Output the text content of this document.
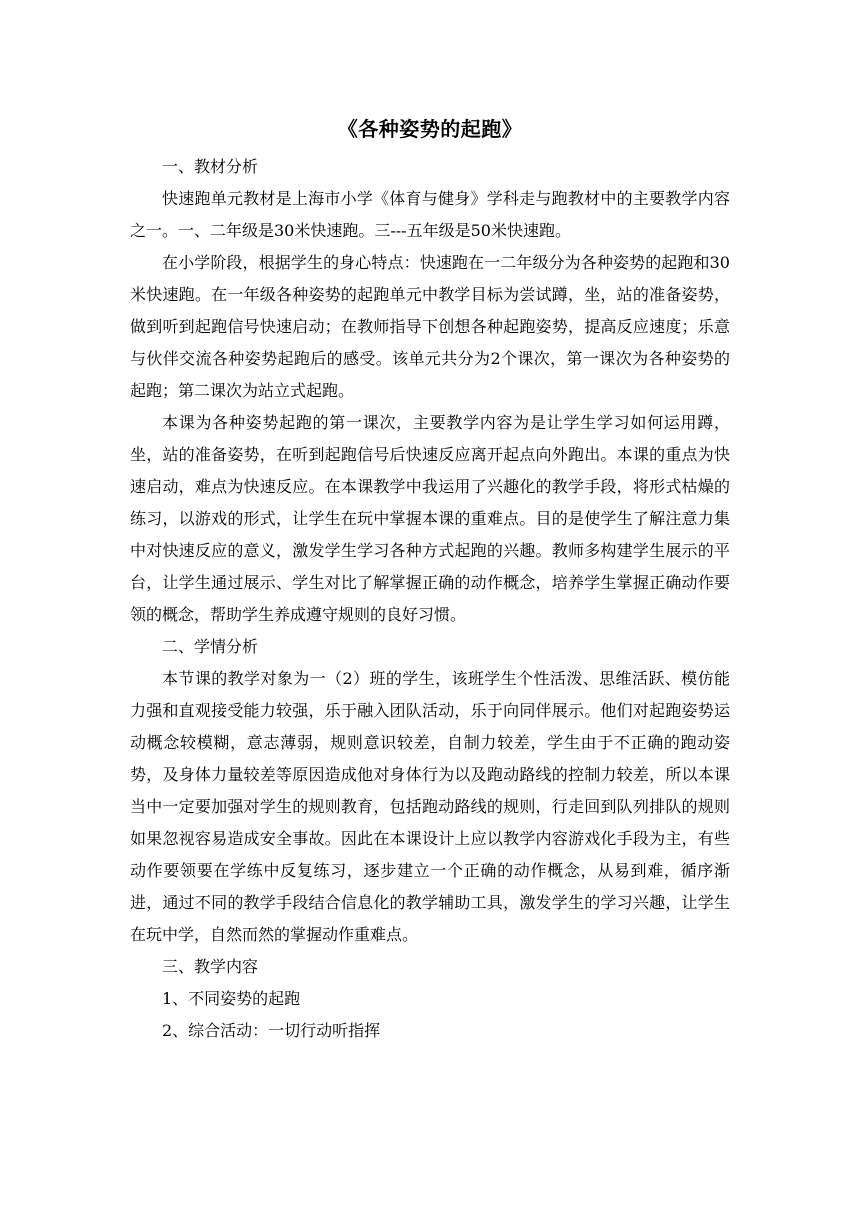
《各种姿势的起跑》

一、教材分析

快速跑单元教材是上海市小学《体育与健身》学科走与跑教材中的主要教学内容之一。一、二年级是30米快速跑。三---五年级是50米快速跑。

在小学阶段，根据学生的身心特点：快速跑在一二年级分为各种姿势的起跑和30米快速跑。在一年级各种姿势的起跑单元中教学目标为尝试蹲，坐，站的准备姿势，做到听到起跑信号快速启动；在教师指导下创想各种起跑姿势，提高反应速度；乐意与伙伴交流各种姿势起跑后的感受。该单元共分为2个课次，第一课次为各种姿势的起跑；第二课次为站立式起跑。

本课为各种姿势起跑的第一课次，主要教学内容为是让学生学习如何运用蹲，坐，站的准备姿势，在听到起跑信号后快速反应离开起点向外跑出。本课的重点为快速启动，难点为快速反应。在本课教学中我运用了兴趣化的教学手段，将形式枯燥的练习，以游戏的形式，让学生在玩中掌握本课的重难点。目的是使学生了解注意力集中对快速反应的意义，激发学生学习各种方式起跑的兴趣。教师多构建学生展示的平台，让学生通过展示、学生对比了解掌握正确的动作概念，培养学生掌握正确动作要领的概念，帮助学生养成遵守规则的良好习惯。

二、学情分析

本节课的教学对象为一（2）班的学生，该班学生个性活泼、思维活跃、模仿能力强和直观接受能力较强，乐于融入团队活动，乐于向同伴展示。他们对起跑姿势运动概念较模糊，意志薄弱，规则意识较差，自制力较差，学生由于不正确的跑动姿势，及身体力量较差等原因造成他对身体行为以及跑动路线的控制力较差，所以本课当中一定要加强对学生的规则教育，包括跑动路线的规则，行走回到队列排队的规则如果忽视容易造成安全事故。因此在本课设计上应以教学内容游戏化手段为主，有些动作要领要在学练中反复练习，逐步建立一个正确的动作概念，从易到难，循序渐进，通过不同的教学手段结合信息化的教学辅助工具，激发学生的学习兴趣，让学生在玩中学，自然而然的掌握动作重难点。

三、教学内容

1、不同姿势的起跑

2、综合活动：一切行动听指挥
